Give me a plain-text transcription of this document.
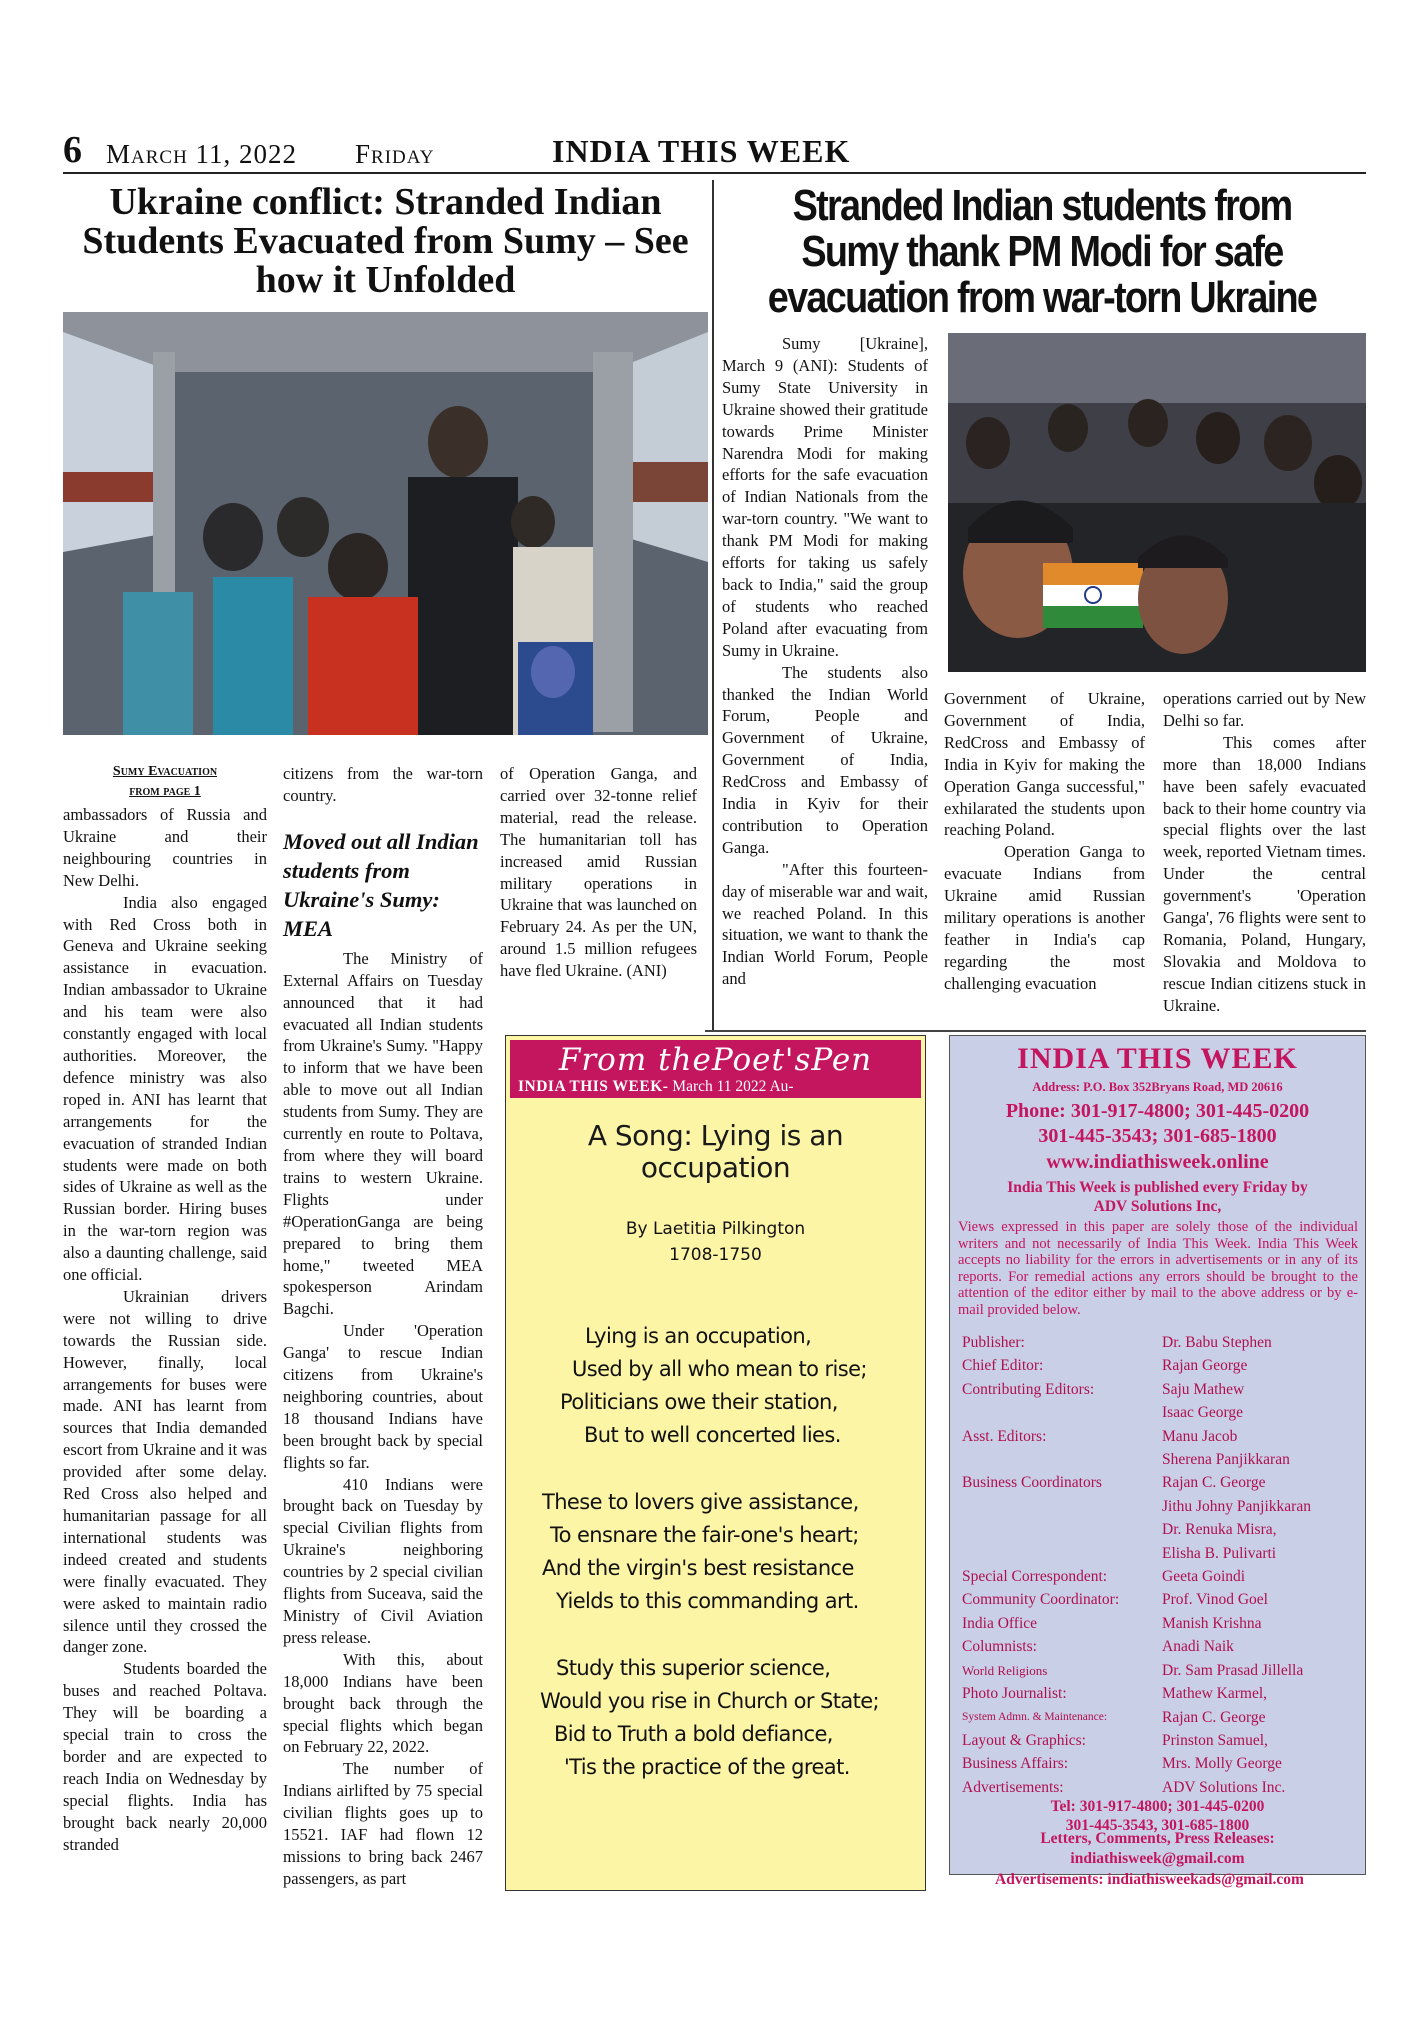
6 March 11, 2022 Friday	INDIA THIS WEEK
Ukraine conflict: Stranded Indian Students Evacuated from Sumy – See how it Unfolded
Stranded Indian students from Sumy thank PM Modi for safe evacuation from war-torn Ukraine
Sumy Evacuation
from page 1

ambassadors of Russia and Ukraine and their neighbouring countries in New Delhi.

India also engaged with Red Cross both in Geneva and Ukraine seeking assistance in evacuation. Indian ambassador to Ukraine and his team were also constantly engaged with local authorities. Moreover, the defence ministry was also roped in. ANI has learnt that arrangements for the evacuation of stranded Indian students were made on both sides of Ukraine as well as the Russian border. Hiring buses in the war-torn region was also a daunting challenge, said one official.

Ukrainian drivers were not willing to drive towards the Russian side. However, finally, local arrangements for buses were made. ANI has learnt from sources that India demanded escort from Ukraine and it was provided after some delay. Red Cross also helped and humanitarian passage for all international students was indeed created and students were finally evacuated. They were asked to maintain radio silence until they crossed the danger zone.

Students boarded the buses and reached Poltava. They will be boarding a special train to cross the border and are expected to reach India on Wednesday by special flights. India has brought back nearly 20,000 stranded

citizens from the war-torn country.

Moved out all Indian students from Ukraine's Sumy: MEA

The Ministry of External Affairs on Tuesday announced that it had evacuated all Indian students from Ukraine's Sumy. "Happy to inform that we have been able to move out all Indian students from Sumy. They are currently en route to Poltava, from where they will board trains to western Ukraine. Flights under #OperationGanga are being prepared to bring them home," tweeted MEA spokesperson Arindam Bagchi.

Under 'Operation Ganga' to rescue Indian citizens from Ukraine's neighboring countries, about 18 thousand Indians have been brought back by special flights so far.

410 Indians were brought back on Tuesday by special Civilian flights from Ukraine's neighboring countries by 2 special civilian flights from Suceava, said the Ministry of Civil Aviation press release.

With this, about 18,000 Indians have been brought back through the special flights which began on February 22, 2022.

The number of Indians airlifted by 75 special civilian flights goes up to 15521. IAF had flown 12 missions to bring back 2467 passengers, as part

of Operation Ganga, and carried over 32-tonne relief material, read the release. The humanitarian toll has increased amid Russian military operations in Ukraine that was launched on February 24. As per the UN, around 1.5 million refugees have fled Ukraine. (ANI)

Sumy [Ukraine], March 9 (ANI): Students of Sumy State University in Ukraine showed their gratitude towards Prime Minister Narendra Modi for making efforts for the safe evacuation of Indian Nationals from the war-torn country. "We want to thank PM Modi for making efforts for taking us safely back to India," said the group of students who reached Poland after evacuating from Sumy in Ukraine.

The students also thanked the Indian World Forum, People and Government of Ukraine, Government of India, RedCross and Embassy of India in Kyiv for their contribution to Operation Ganga.

"After this fourteen-day of miserable war and wait, we reached Poland. In this situation, we want to thank the Indian World Forum, People and

Government of Ukraine, Government of India, RedCross and Embassy of India in Kyiv for making the Operation Ganga successful," exhilarated the students upon reaching Poland.

Operation Ganga to evacuate Indians from Ukraine amid Russian military operations is another feather in India's cap regarding the most challenging evacuation

operations carried out by New Delhi so far.

This comes after more than 18,000 Indians have been safely evacuated back to their home country via special flights over the last week, reported Vietnam times. Under the central government's 'Operation Ganga', 76 flights were sent to Romania, Poland, Hungary, Slovakia and Moldova to rescue Indian citizens stuck in Ukraine.

From thePoet'sPen
INDIA THIS WEEK- March 11 2022 Au-
A Song: Lying is an occupation
By Laetitia Pilkington
1708-1750
Lying is an occupation,
Used by all who mean to rise;
Politicians owe their station,
But to well concerted lies.
These to lovers give assistance,
To ensnare the fair-one's heart;
And the virgin's best resistance
Yields to this commanding art.
Study this superior science,
Would you rise in Church or State;
Bid to Truth a bold defiance,
'Tis the practice of the great.
INDIA THIS WEEK
Address: P.O. Box 352Bryans Road, MD 20616
Phone: 301-917-4800; 301-445-0200
301-445-3543; 301-685-1800
www.indiathisweek.online
India This Week is published every Friday by
ADV Solutions Inc,
Views expressed in this paper are solely those of the individual writers and not necessarily of India This Week. India This Week accepts no liability for the errors in advertisements or in any of its reports. For remedial actions any errors should be brought to the attention of the editor either by mail to the above address or by e-mail provided below.
Publisher:	Dr. Babu Stephen
Chief Editor:	Rajan George
Contributing Editors:	Saju Mathew
Isaac George
Asst. Editors:	Manu Jacob
Sherena Panjikkaran
Business Coordinators	Rajan C. George
Jithu Johny Panjikkaran
Dr. Renuka Misra,
Elisha B. Pulivarti
Special Correspondent:	Geeta Goindi
Community Coordinator:	Prof. Vinod Goel
India Office	Manish Krishna
Columnists:	Anadi Naik
World Religions	Dr. Sam Prasad Jillella
Photo Journalist:	Mathew Karmel,
System Admn. & Maintenance:	Rajan C. George
Layout & Graphics:	Prinston Samuel,
Business Affairs:	Mrs. Molly George
Advertisements:	ADV Solutions Inc.
Tel: 301-917-4800; 301-445-0200
301-445-3543, 301-685-1800
Letters, Comments, Press Releases:
indiathisweek@gmail.com
Advertisements: indiathisweekads@gmail.com
